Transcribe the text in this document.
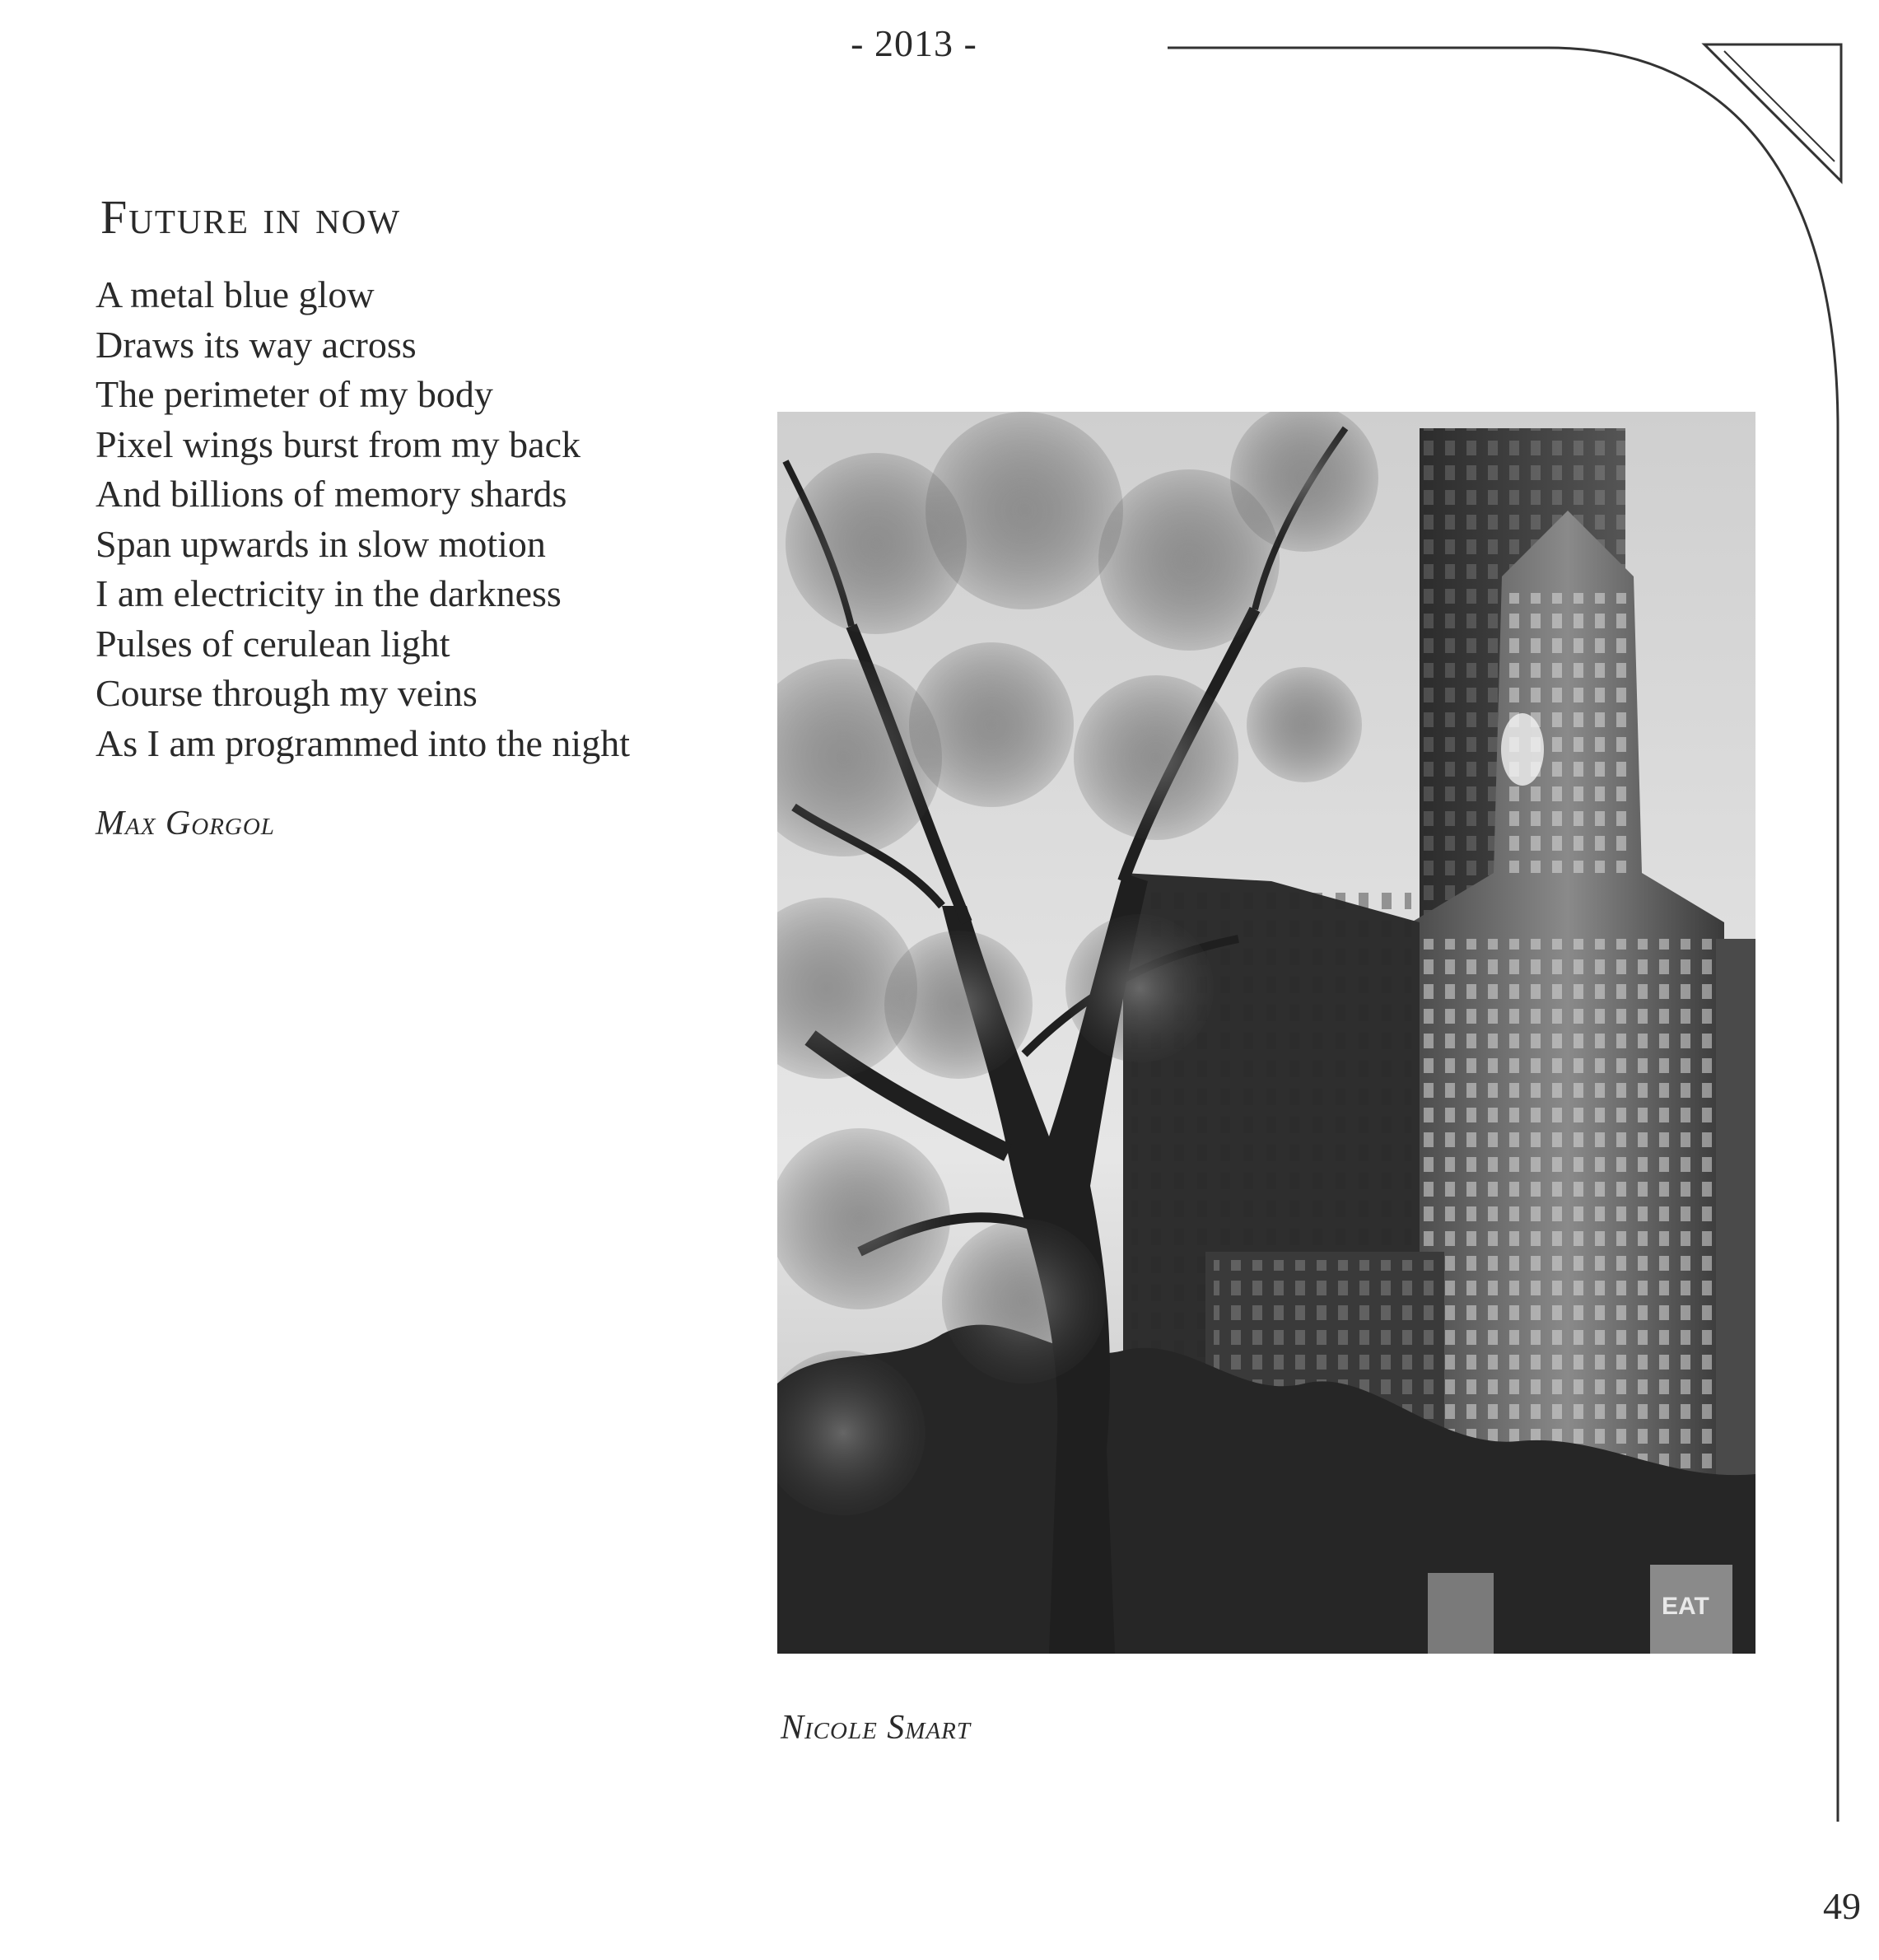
- 2013 -
Future in now
A metal blue glow
Draws its way across
The perimeter of my body
Pixel wings burst from my back
And billions of memory shards
Span upwards in slow motion
I am electricity in the darkness
Pulses of cerulean light
Course through my veins
As I am programmed into the night
Max Gorgol
EAT
Nicole Smart
49
